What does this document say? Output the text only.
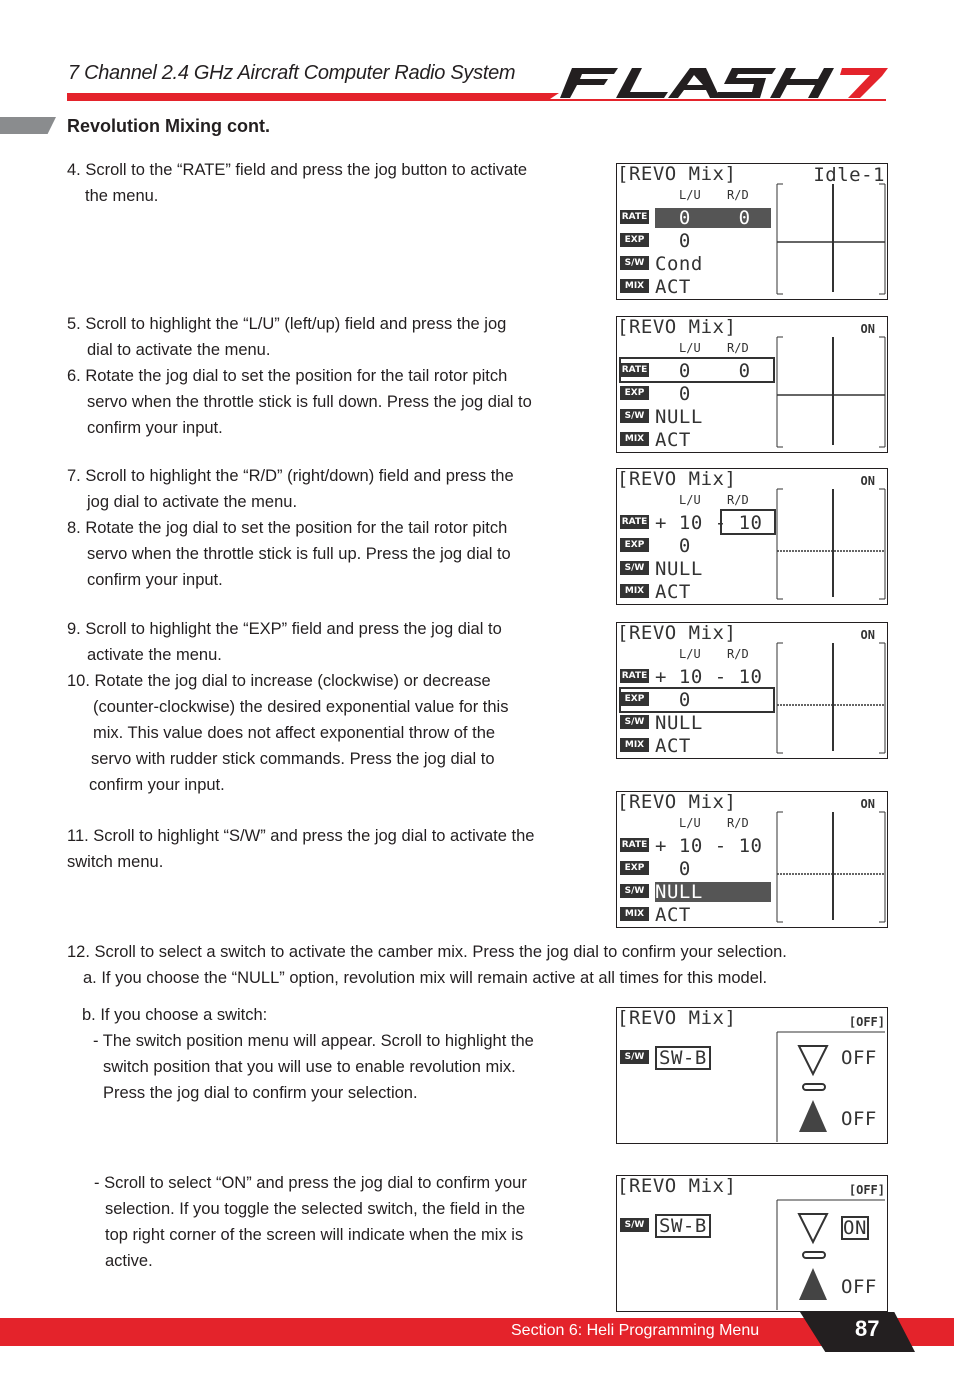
7 Channel 2.4 GHz Aircraft Computer Radio System
Revolution Mixing cont.
4. Scroll to the “RATE” field and press the jog button to activate
the menu.
5. Scroll to highlight the “L/U” (left/up) field and press the jog
dial to activate the menu.
6. Rotate the jog dial to set the position for the tail rotor pitch
servo when the throttle stick is full down. Press the jog dial to
confirm your input.
7. Scroll to highlight the “R/D” (right/down) field and press the
jog dial to activate the menu.
8. Rotate the jog dial to set the position for the tail rotor pitch
servo when the throttle stick is full up. Press the jog dial to
confirm your input.
9. Scroll to highlight the “EXP” field and press the jog dial to
activate the menu.
10. Rotate the jog dial to increase (clockwise) or decrease
(counter-clockwise) the desired exponential value for this
mix. This value does not affect exponential throw of the
servo with rudder stick commands. Press the jog dial to
confirm your input.
11. Scroll to highlight “S/W” and press the jog dial to activate the
switch menu.
12. Scroll to select a switch to activate the camber mix. Press the jog dial to confirm your selection.
a. If you choose the “NULL” option, revolution mix will remain active at all times for this model.
b. If you choose a switch:
- The switch position menu will appear. Scroll to highlight the
switch position that you will use to enable revolution mix.
Press the jog dial to confirm your selection.
- Scroll to select “ON” and press the jog dial to confirm your
selection. If you toggle the selected switch, the field in the
top right corner of the screen will indicate when the mix is
active.
[REVO Mix]	Idle-1
L/U R/D
RATE 0    0
EXP 0
S/W Cond
MIX ACT
[REVO Mix]	ON
L/U R/D
RATE 0    0
EXP 0
S/W NULL
MIX ACT
[REVO Mix]	ON
L/U R/D
RATE + 10 - 10
EXP 0
S/W NULL
MIX ACT
[REVO Mix]	ON
L/U R/D
RATE + 10 - 10
EXP 0
S/W NULL
MIX ACT
[REVO Mix]	ON
L/U R/D
RATE + 10 - 10
EXP 0
S/W NULL
MIX ACT
[REVO Mix]	[OFF]
S/W SW-B	OFF
OFF
[REVO Mix]	[OFF]
S/W SW-B	ON
OFF
Section 6: Heli Programming Menu	87
